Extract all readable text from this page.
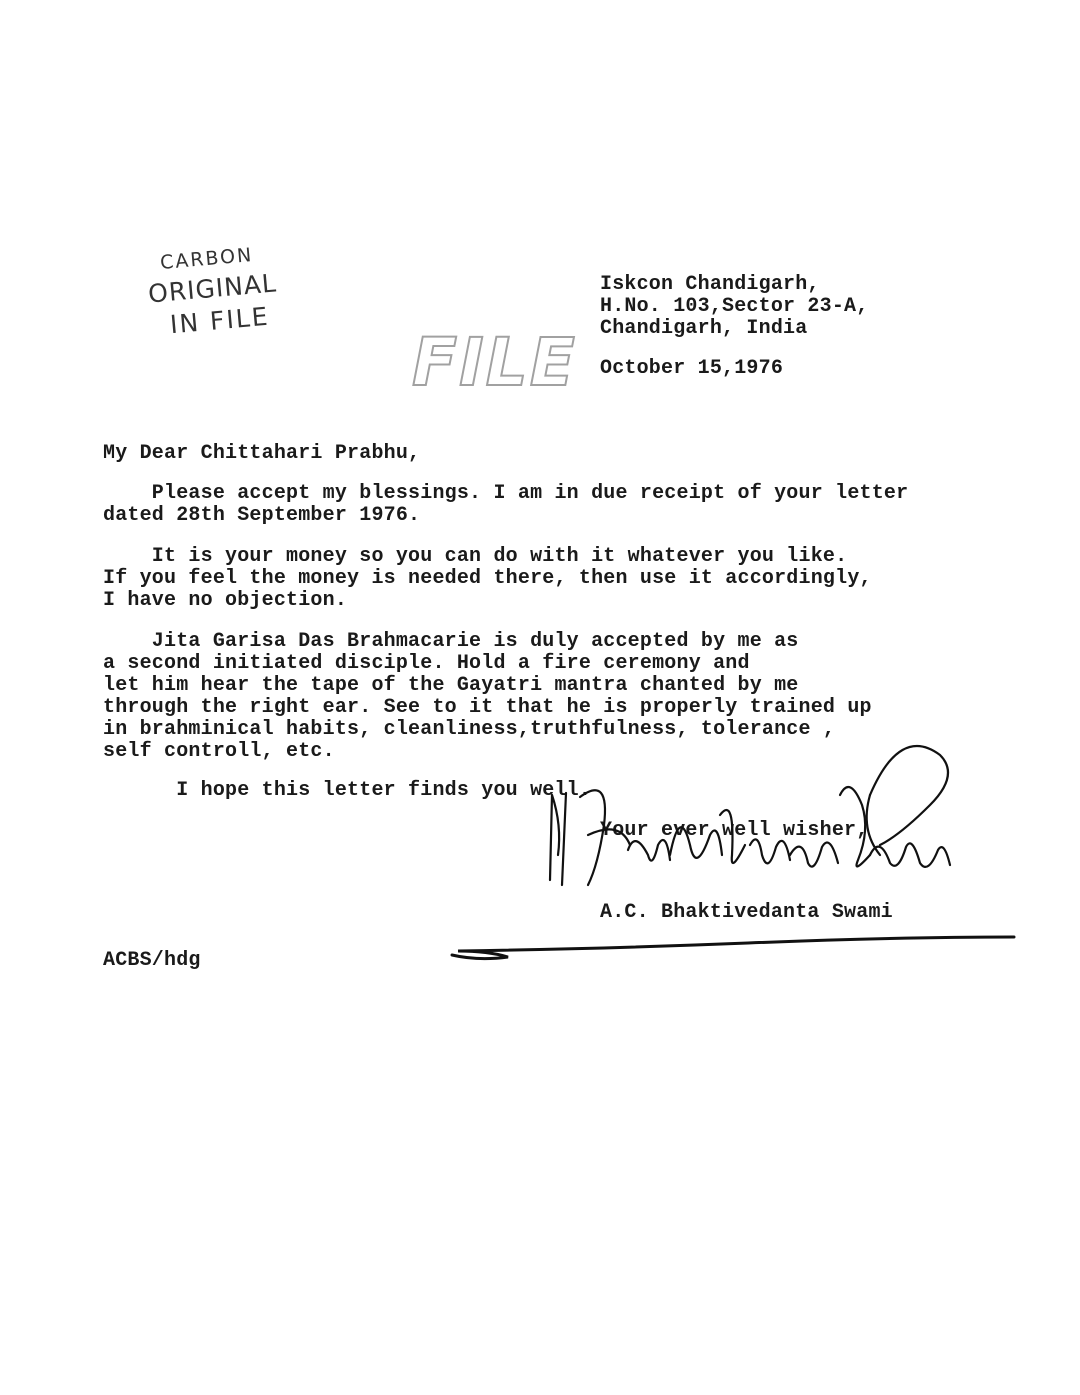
CARBON
ORIGINAL
IN FILE
FILE
Iskcon Chandigarh,
H.No. 103,Sector 23-A,
Chandigarh, India
October 15,1976
My Dear Chittahari Prabhu,
Please accept my blessings. I am in due receipt of your letter
dated 28th September 1976.
It is your money so you can do with it whatever you like.
If you feel the money is needed there, then use it accordingly,
I have no objection.
Jita Garisa Das Brahmacarie is duly accepted by me as
a second initiated disciple. Hold a fire ceremony and
let him hear the tape of the Gayatri mantra chanted by me
through the right ear. See to it that he is properly trained up
in brahminical habits, cleanliness,truthfulness, tolerance ,
self controll, etc.
I hope this letter finds you well.
Your ever well wisher,
A.C. Bhaktivedanta Swami
ACBS/hdg
